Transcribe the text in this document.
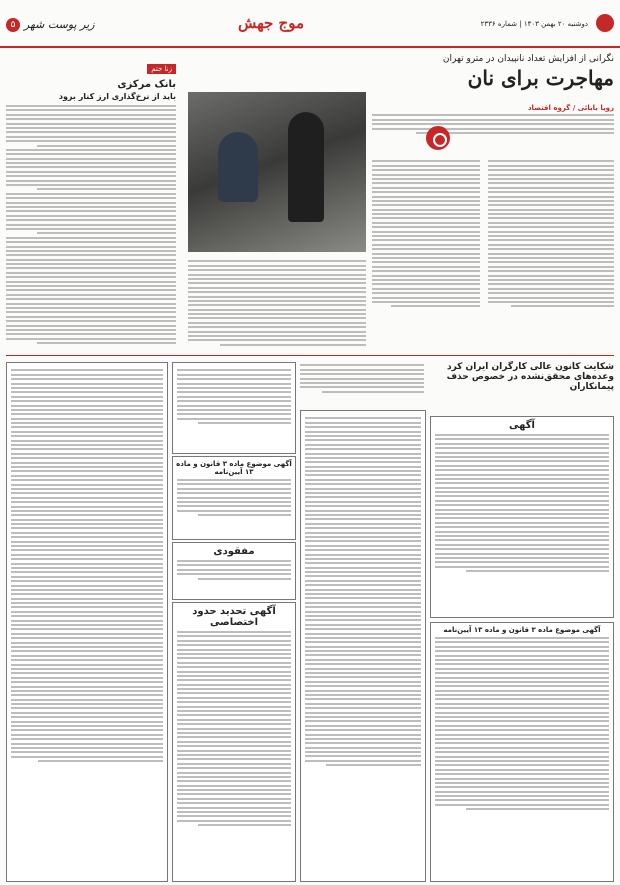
۵ زیر پوست شهر	موج جهش	دوشنبه ۲۰ بهمن ۱۴۰۳ | شماره ۲۳۳۶
زنا ختم
بانک مرکزی
باید از نرخ‌گذاری ارز کنار برود
نگرانی از افزایش تعداد نانپیدان در مترو تهران
مهاجرت برای نان
رویا بابائی / گروه اقتصاد
شکایت کانون عالی کارگران ایران کرد
وعده‌های محقق‌نشده در خصوص حذف پیمانکاران
آگهی
آگهی موضوع ماده ۳ قانون و ماده ۱۳ آیین‌نامه
آگهی موضوع ماده ۳ قانون و ماده ۱۳ آیین‌نامه
مفقودی
آگهی تحدید حدود اختصاصی
